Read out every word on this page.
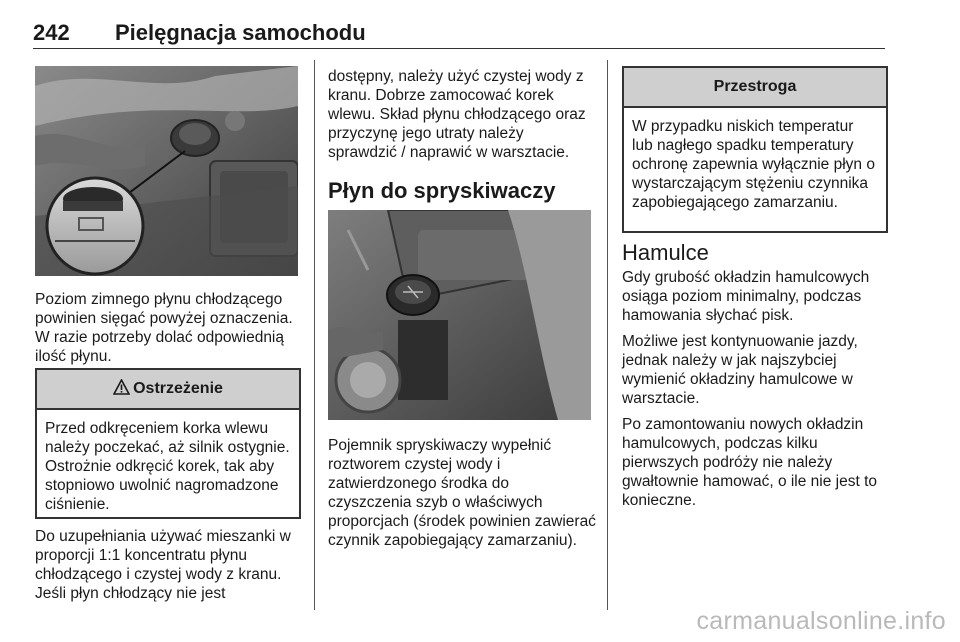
242 Pielęgnacja samochodu

Poziom zimnego płynu chłodzącego powinien sięgać powyżej oznaczenia. W razie potrzeby dolać odpowiednią ilość płynu.

Ostrzeżenie
Przed odkręceniem korka wlewu należy poczekać, aż silnik ostygnie. Ostrożnie odkręcić korek, tak aby stopniowo uwolnić nagromadzone ciśnienie.

Do uzupełniania używać mieszanki w proporcji 1:1 koncentratu płynu chłodzącego i czystej wody z kranu. Jeśli płyn chłodzący nie jest

dostępny, należy użyć czystej wody z kranu. Dobrze zamocować korek wlewu. Skład płynu chłodzącego oraz przyczynę jego utraty należy sprawdzić / naprawić w warsztacie.

Płyn do spryskiwaczy

Pojemnik spryskiwaczy wypełnić roztworem czystej wody i zatwierdzonego środka do czyszczenia szyb o właściwych proporcjach (środek powinien zawierać czynnik zapobiegający zamarzaniu).

Przestroga
W przypadku niskich temperatur lub nagłego spadku temperatury ochronę zapewnia wyłącznie płyn o wystarczającym stężeniu czynnika zapobiegającego zamarzaniu.

Hamulce

Gdy grubość okładzin hamulcowych osiąga poziom minimalny, podczas hamowania słychać pisk.

Możliwe jest kontynuowanie jazdy, jednak należy w jak najszybciej wymienić okładziny hamulcowe w warsztacie.

Po zamontowaniu nowych okładzin hamulcowych, podczas kilku pierwszych podróży nie należy gwałtownie hamować, o ile nie jest to konieczne.

carmanualsonline.info
